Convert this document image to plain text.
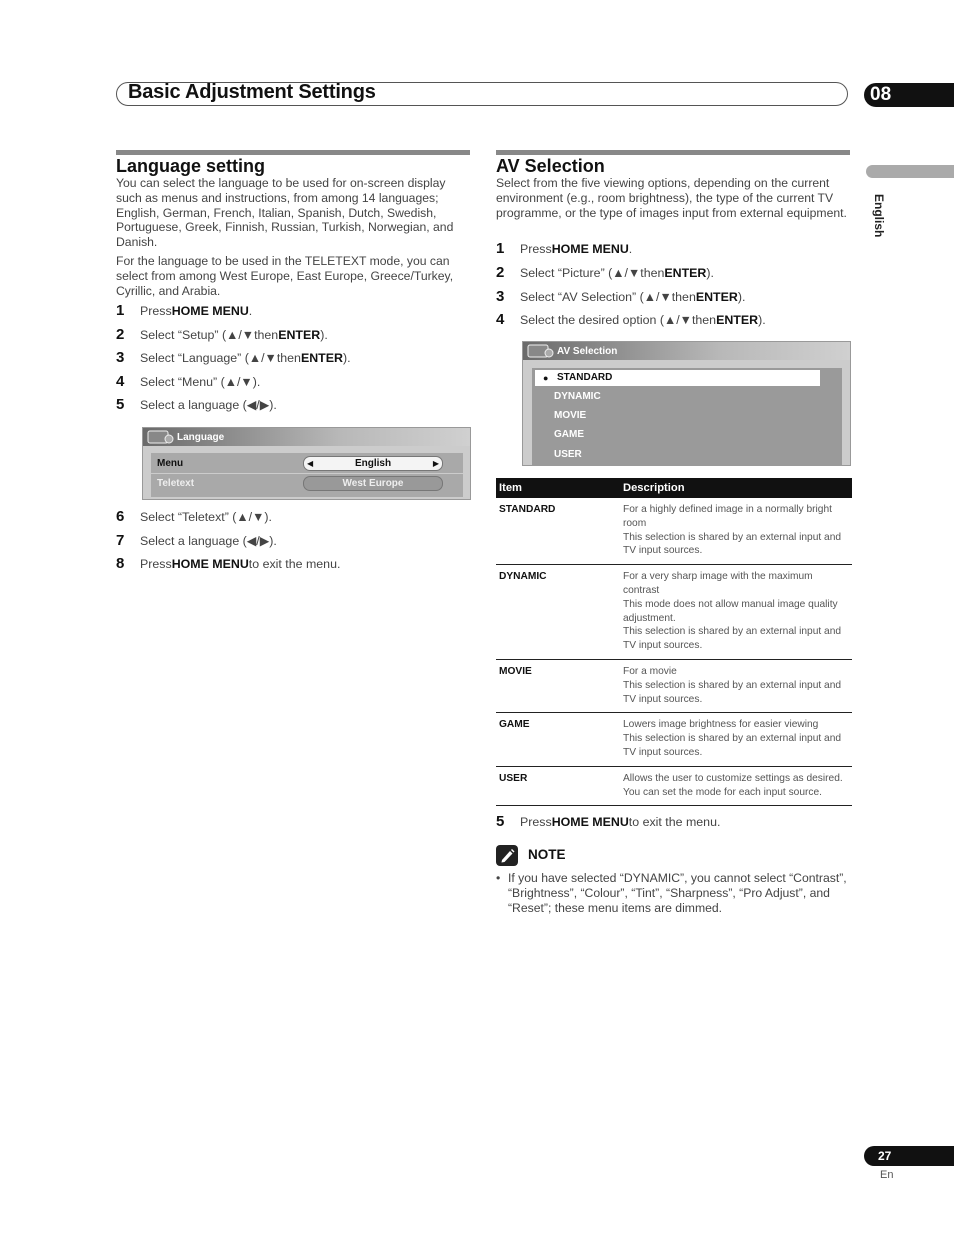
Basic Adjustment Settings	08
English
Language setting
You can select the language to be used for on-screen display such as menus and instructions, from among 14 languages; English, German, French, Italian, Spanish, Dutch, Swedish, Portuguese, Greek, Finnish, Russian, Turkish, Norwegian, and Danish.
For the language to be used in the TELETEXT mode, you can select from among West Europe, East Europe, Greece/Turkey, Cyrillic, and Arabia.
1	Press HOME MENU .
2	Select “Setup” ( ▲/▼ then ENTER ).
3	Select “Language” ( ▲/▼ then ENTER ).
4	Select “Menu” ( ▲/▼ ).
5	Select a language ( ◀/▶ ).
Language
Menu	◀	English	▶
Teletext	West Europe
6	Select “Teletext” ( ▲/▼ ).
7	Select a language ( ◀/▶ ).
8	Press HOME MENU to exit the menu.
AV Selection
Select from the five viewing options, depending on the current environment (e.g., room brightness), the type of the current TV programme, or the type of images input from external equipment.
1	Press HOME MENU .
2	Select “Picture” ( ▲/▼ then ENTER ).
3	Select “AV Selection” ( ▲/▼ then ENTER ).
4	Select the desired option ( ▲/▼ then ENTER ).
AV Selection
● STANDARD
DYNAMIC
MOVIE
GAME
USER
Item	Description
STANDARD	For a highly defined image in a normally bright room
This selection is shared by an external input and TV input sources.

DYNAMIC	For a very sharp image with the maximum contrast
This mode does not allow manual image quality adjustment.
This selection is shared by an external input and TV input sources.

MOVIE	For a movie
This selection is shared by an external input and TV input sources.

GAME	Lowers image brightness for easier viewing
This selection is shared by an external input and TV input sources.

USER	Allows the user to customize settings as desired. You can set the mode for each input source.
5	Press HOME MENU to exit the menu.
NOTE
• If you have selected “DYNAMIC”, you cannot select “Contrast”, “Brightness”, “Colour”, “Tint”, “Sharpness”, “Pro Adjust”, and “Reset”; these menu items are dimmed.
27
En
